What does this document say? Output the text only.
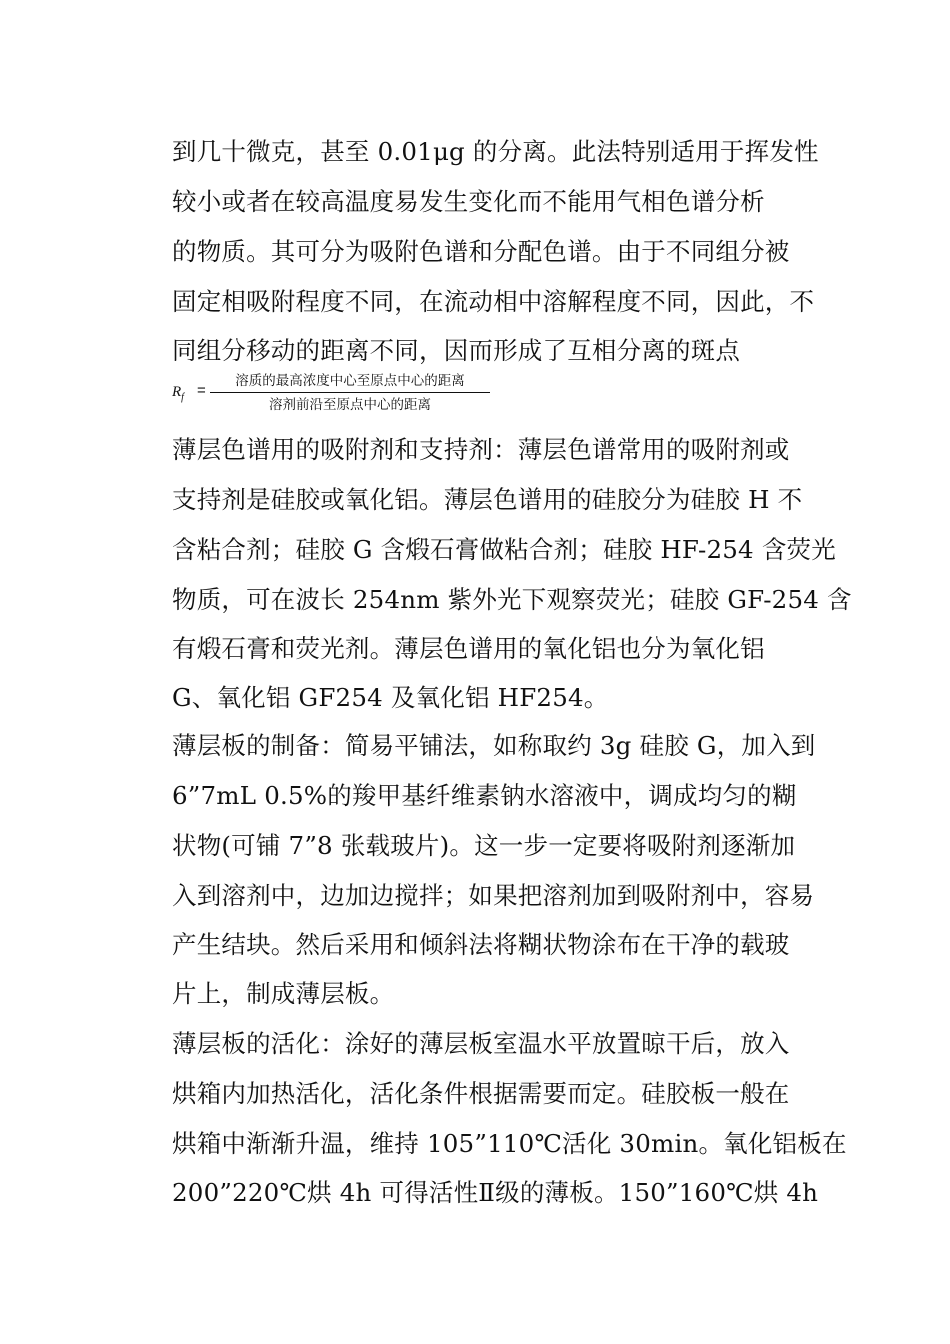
到几十微克，甚至 0.01μg 的分离。此法特别适用于挥发性
较小或者在较高温度易发生变化而不能用气相色谱分析
的物质。其可分为吸附色谱和分配色谱。由于不同组分被
固定相吸附程度不同，在流动相中溶解程度不同，因此，不
同组分移动的距离不同，因而形成了互相分离的斑点
$R_f$ =
溶质的最高浓度中心至原点中心的距离
溶剂前沿至原点中心的距离
薄层色谱用的吸附剂和支持剂：薄层色谱常用的吸附剂或
支持剂是硅胶或氧化铝。薄层色谱用的硅胶分为硅胶 H 不
含粘合剂；硅胶 G 含煅石膏做粘合剂；硅胶 HF-254 含荧光
物质，可在波长 254nm 紫外光下观察荧光；硅胶 GF-254 含
有煅石膏和荧光剂。薄层色谱用的氧化铝也分为氧化铝
G、氧化铝 GF254 及氧化铝 HF254。
薄层板的制备：简易平铺法，如称取约 3g 硅胶 G，加入到
6”7mL 0.5%的羧甲基纤维素钠水溶液中，调成均匀的糊
状物(可铺 7”8 张载玻片)。这一步一定要将吸附剂逐渐加
入到溶剂中，边加边搅拌；如果把溶剂加到吸附剂中，容易
产生结块。然后采用和倾斜法将糊状物涂布在干净的载玻
片上，制成薄层板。
薄层板的活化：涂好的薄层板室温水平放置晾干后，放入
烘箱内加热活化，活化条件根据需要而定。硅胶板一般在
烘箱中渐渐升温，维持 105”110℃活化 30min。氧化铝板在
200”220℃烘 4h 可得活性Ⅱ级的薄板。150”160℃烘 4h
